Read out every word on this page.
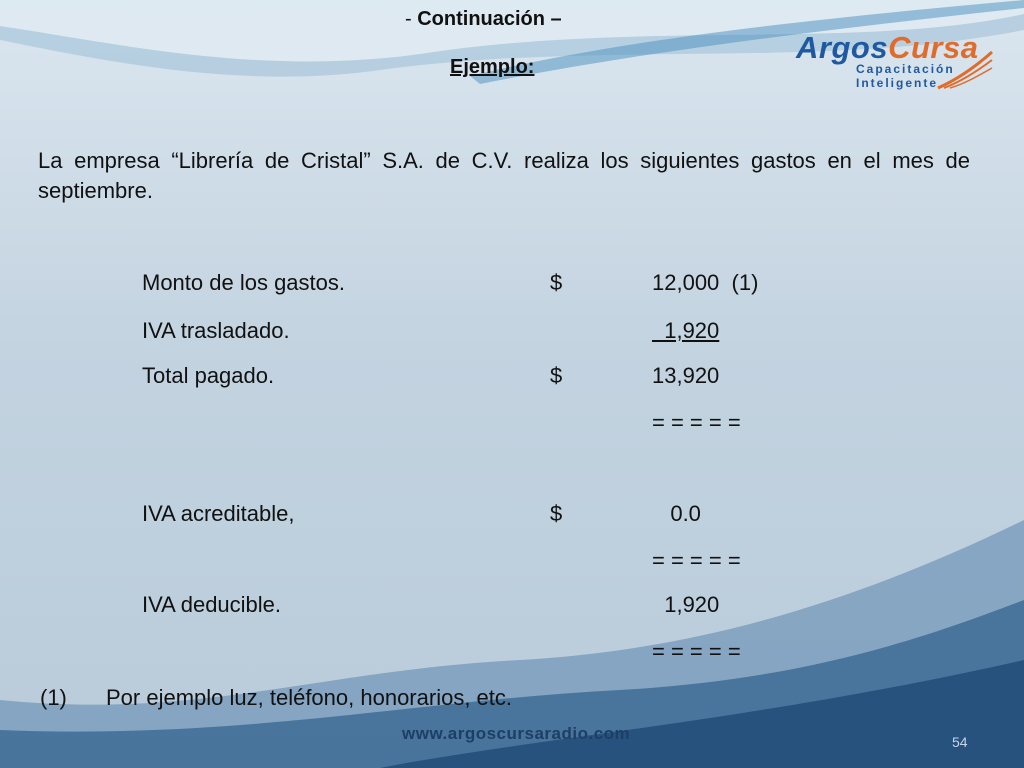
- Continuación –
Ejemplo:
ArgosCursa
Capacitación
Inteligente
La empresa “Librería de Cristal” S.A. de C.V. realiza los siguientes gastos en el mes de septiembre.
Monto de los gastos.	$	12,000  (1)
IVA trasladado.	1,920
Total pagado.	$	13,920
= = = = =
IVA acreditable,	$	0.0
= = = = =
IVA deducible.	1,920
= = = = =
(1) Por ejemplo luz, teléfono, honorarios, etc.
www.argoscursaradio.com	54
